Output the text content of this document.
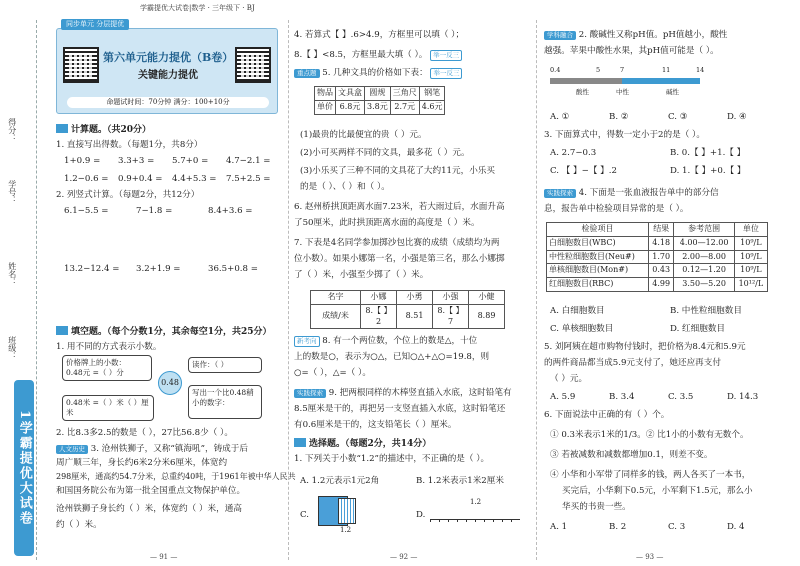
得分：
学号：
姓名：
班级：
1学霸提优大试卷
同步单元 分层提优
第六单元能力提优（B卷）
关键能力提优
命题试时间：70分钟 满分：100+10分
学霸提优大试卷|数学 · 三年级下 · BJ
计算题。（共20分）
1. 直接写出得数。（每题1分，共8分）
1+0.9 =	3.3+3 =	5.7+0 =	4.7−2.1 =
1.2−0.6 =	0.9+0.4 =	4.4+5.3 =	7.5+2.5 =
2. 列竖式计算。（每题2分，共12分）
6.1−5.5 =	7−1.8 =	8.4+3.6 =
13.2−12.4 =	3.2+1.9 =	36.5+0.8 =
填空题。（每个分数1分，其余每空1分，共25分）
1. 用不同的方式表示小数。
价格牌上的小数：
0.48元 =（ ）分
0.48米 =（ ）米（ ）厘米
0.48
读作：（ ）
写出一个比0.48稍小的数字：
2. 比8.3多2.5的数是（ ），27比56.8少（ ）。
人文历史 3. 沧州铁狮子，又称“镇海吼”，铸成于后
周广顺三年，身长约6米2分米6厘米，体宽约
298厘米，通高约54.7分米，总重约40吨，于1961年被中华人民共
和国国务院公布为第一批全国重点文物保护单位。
沧州铁狮子身长约（ ）米，体宽约（ ）米，通高
约（ ）米。
— 91 —
4. 若算式【 】.6>4.9，方框里可以填（ ）；
8.【 】<8.5，方框里最大填（ ）。 举一反三
重点题 5. 几种文具的价格如下表： 举一反三
物品	文具盒	圆规	三角尺	钢笔
单价	6.8元	3.8元	2.7元	4.6元
(1)最贵的比最便宜的贵（ ）元。
(2)小可买两样不同的文具，最多花（ ）元。
(3)小乐买了三种不同的文具花了大约11元，小乐买
的是（ ）、（ ）和（ ）。
6. 赵州桥拱顶距离水面7.23米，若大雨过后，水面升高
了50厘米，此时拱顶距离水面的高度是（ ）米。
7. 下表是4名同学参加掷沙包比赛的成绩（成绩均为两
位小数）。如果小娜第一名，小强是第三名，那么小娜掷
了（ ）米，小强至少掷了（ ）米。
名字	小娜	小勇	小强	小健
成绩/米	8.【 】2	8.51	8.【 】7	8.89
新考向 8. 有一个两位数，个位上的数是△，十位
上的数是○，表示为○△，已知○△+△○=19.8，则
○=（ ），△=（ ）。
实践探索 9. 把两根同样的木棒竖直插入水底，这时铅笔有
8.5厘米是干的，再把另一支竖直插入水底，这时铅笔还
有0.6厘米是干的，这支铅笔长（ ）厘米。
选择题。（每题2分，共14分）
1. 下列关于小数“1.2”的描述中，不正确的是（ ）。
A. 1.2元表示1元2角	B. 1.2米表示1米2厘米
C.	D.
— 92 —
1.2
1.2
学科融合 2. 酸碱性又称pH值。pH值越小，酸性
越强。苹果中酸性水果，其pH值可能是（ ）。
0.4	5	7	11	14
酸性	中性	碱性
A. ①	B. ②	C. ③	D. ④
3. 下面算式中，得数一定小于2的是（ ）。
A. 2.7−0.3	B. 0.【 】+1.【 】
C. 【 】−【 】.2	D. 1.【 】+0.【 】
实践探索 4. 下面是一张血液报告单中的部分信
息，报告单中检验项目异常的是（ ）。
检验项目	结果	参考范围	单位
白细胞数目(WBC)	4.18	4.00—12.00	10⁹/L
中性粒细胞数目(Neu#)	1.70	2.00—8.00	10⁹/L
单核细胞数目(Mon#)	0.43	0.12—1.20	10⁹/L
红细胞数目(RBC)	4.99	3.50—5.20	10¹²/L
A. 白细胞数目	B. 中性粒细胞数目
C. 单核细胞数目	D. 红细胞数目
5. 刘阿姨在超市购物付钱时，把价格为8.4元和5.9元
的两件商品都当成5.9元支付了，她还应再支付
（ ）元。
A. 5.9	B. 3.4	C. 3.5	D. 14.3
6. 下面说法中正确的有（ ）个。
① 0.3米表示1米的1/3。② 比1小的小数有无数个。
③ 若被减数和减数都增加0.1，则差不变。
④ 小华和小军带了同样多的钱，两人各买了一本书，
买完后，小华剩下0.5元，小军剩下1.5元，那么小
华买的书贵一些。
A. 1	B. 2	C. 3	D. 4
— 93 —
